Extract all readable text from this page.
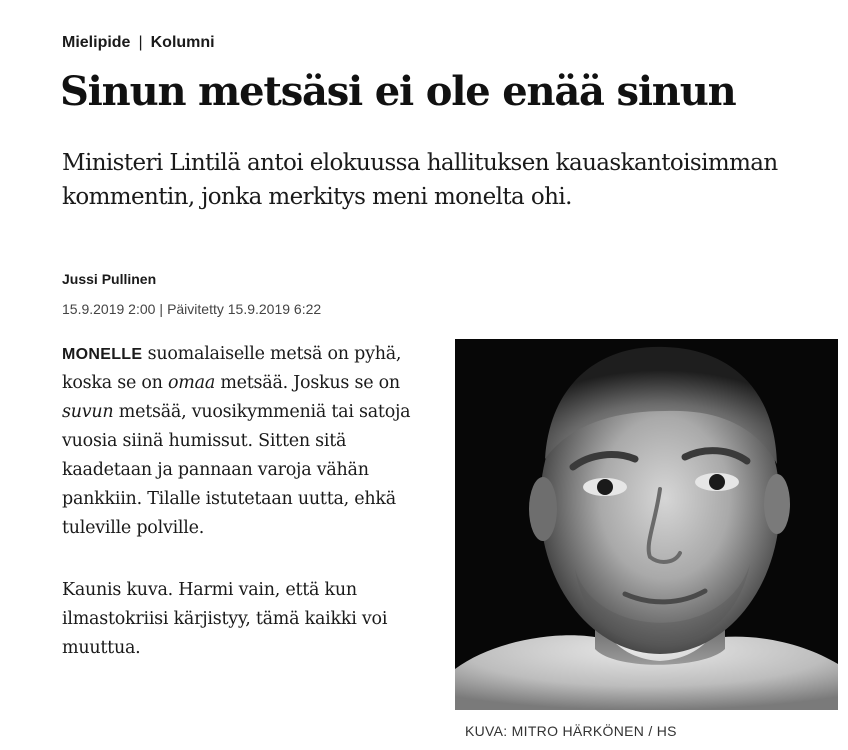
Mielipide | Kolumni
Sinun metsäsi ei ole enää sinun

Ministeri Lintilä antoi elokuussa hallituksen kauaskantoisimman kommentin, jonka merkitys meni monelta ohi.

Jussi Pullinen
15.9.2019 2:00 | Päivitetty 15.9.2019 6:22

MONELLE suomalaiselle metsä on pyhä, koska se on omaa metsää. Joskus se on suvun metsää, vuosikymmeniä tai satoja vuosia siinä humissut. Sitten sitä kaadetaan ja pannaan varoja vähän pankkiin. Tilalle istutetaan uutta, ehkä tuleville polville.

Kaunis kuva. Harmi vain, että kun ilmastokriisi kärjistyy, tämä kaikki voi muuttua.

KUVA: MITRO HÄRKÖNEN / HS
